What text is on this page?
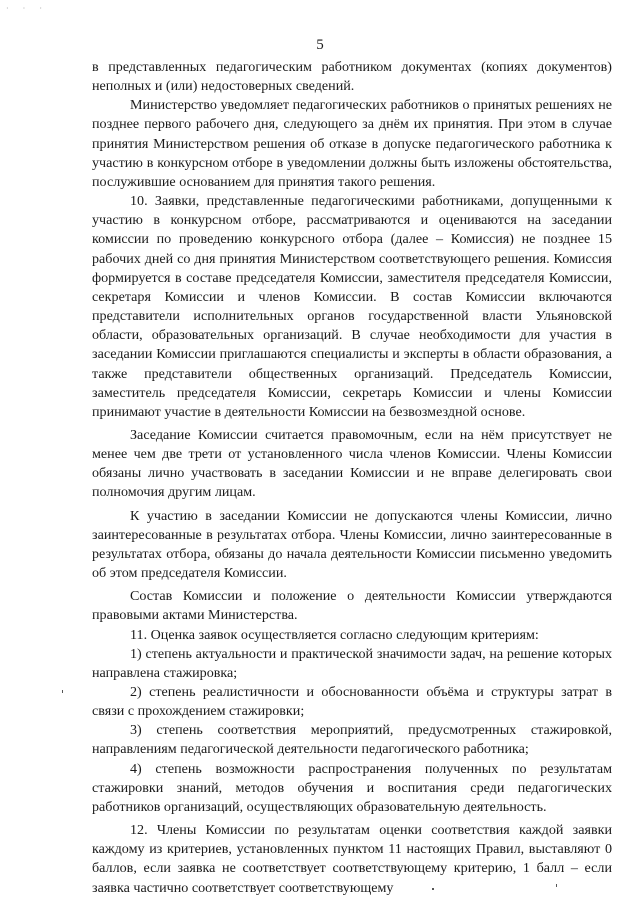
· · ·
5

в представленных педагогическим работником документах (копиях документов) неполных и (или) недостоверных сведений.

Министерство уведомляет педагогических работников о принятых решениях не позднее первого рабочего дня, следующего за днём их принятия. При этом в случае принятия Министерством решения об отказе в допуске педагогического работника к участию в конкурсном отборе в уведомлении должны быть изложены обстоятельства, послужившие основанием для принятия такого решения.

10. Заявки, представленные педагогическими работниками, допущенными к участию в конкурсном отборе, рассматриваются и оцениваются на заседании комиссии по проведению конкурсного отбора (далее – Комиссия) не позднее 15 рабочих дней со дня принятия Министерством соответствующего решения. Комиссия формируется в составе председателя Комиссии, заместителя председателя Комиссии, секретаря Комиссии и членов Комиссии. В состав Комиссии включаются представители исполнительных органов государственной власти Ульяновской области, образовательных организаций. В случае необходимости для участия в заседании Комиссии приглашаются специалисты и эксперты в области образования, а также представители общественных организаций. Председатель Комиссии, заместитель председателя Комиссии, секретарь Комиссии и члены Комиссии принимают участие в деятельности Комиссии на безвозмездной основе.

Заседание Комиссии считается правомочным, если на нём присутствует не менее чем две трети от установленного числа членов Комиссии. Члены Комиссии обязаны лично участвовать в заседании Комиссии и не вправе делегировать свои полномочия другим лицам.

К участию в заседании Комиссии не допускаются члены Комиссии, лично заинтересованные в результатах отбора. Члены Комиссии, лично заинтересованные в результатах отбора, обязаны до начала деятельности Комиссии письменно уведомить об этом председателя Комиссии.

Состав Комиссии и положение о деятельности Комиссии утверждаются правовыми актами Министерства.

11. Оценка заявок осуществляется согласно следующим критериям:

1) степень актуальности и практической значимости задач, на решение которых направлена стажировка;

2) степень реалистичности и обоснованности объёма и структуры затрат в связи с прохождением стажировки;

3) степень соответствия мероприятий, предусмотренных стажировкой, направлениям педагогической деятельности педагогического работника;

4) степень возможности распространения полученных по результатам стажировки знаний, методов обучения и воспитания среди педагогических работников организаций, осуществляющих образовательную деятельность.

12. Члены Комиссии по результатам оценки соответствия каждой заявки каждому из критериев, установленных пунктом 11 настоящих Правил, выставляют 0 баллов, если заявка не соответствует соответствующему критерию, 1 балл – если заявка частично соответствует соответствующему
